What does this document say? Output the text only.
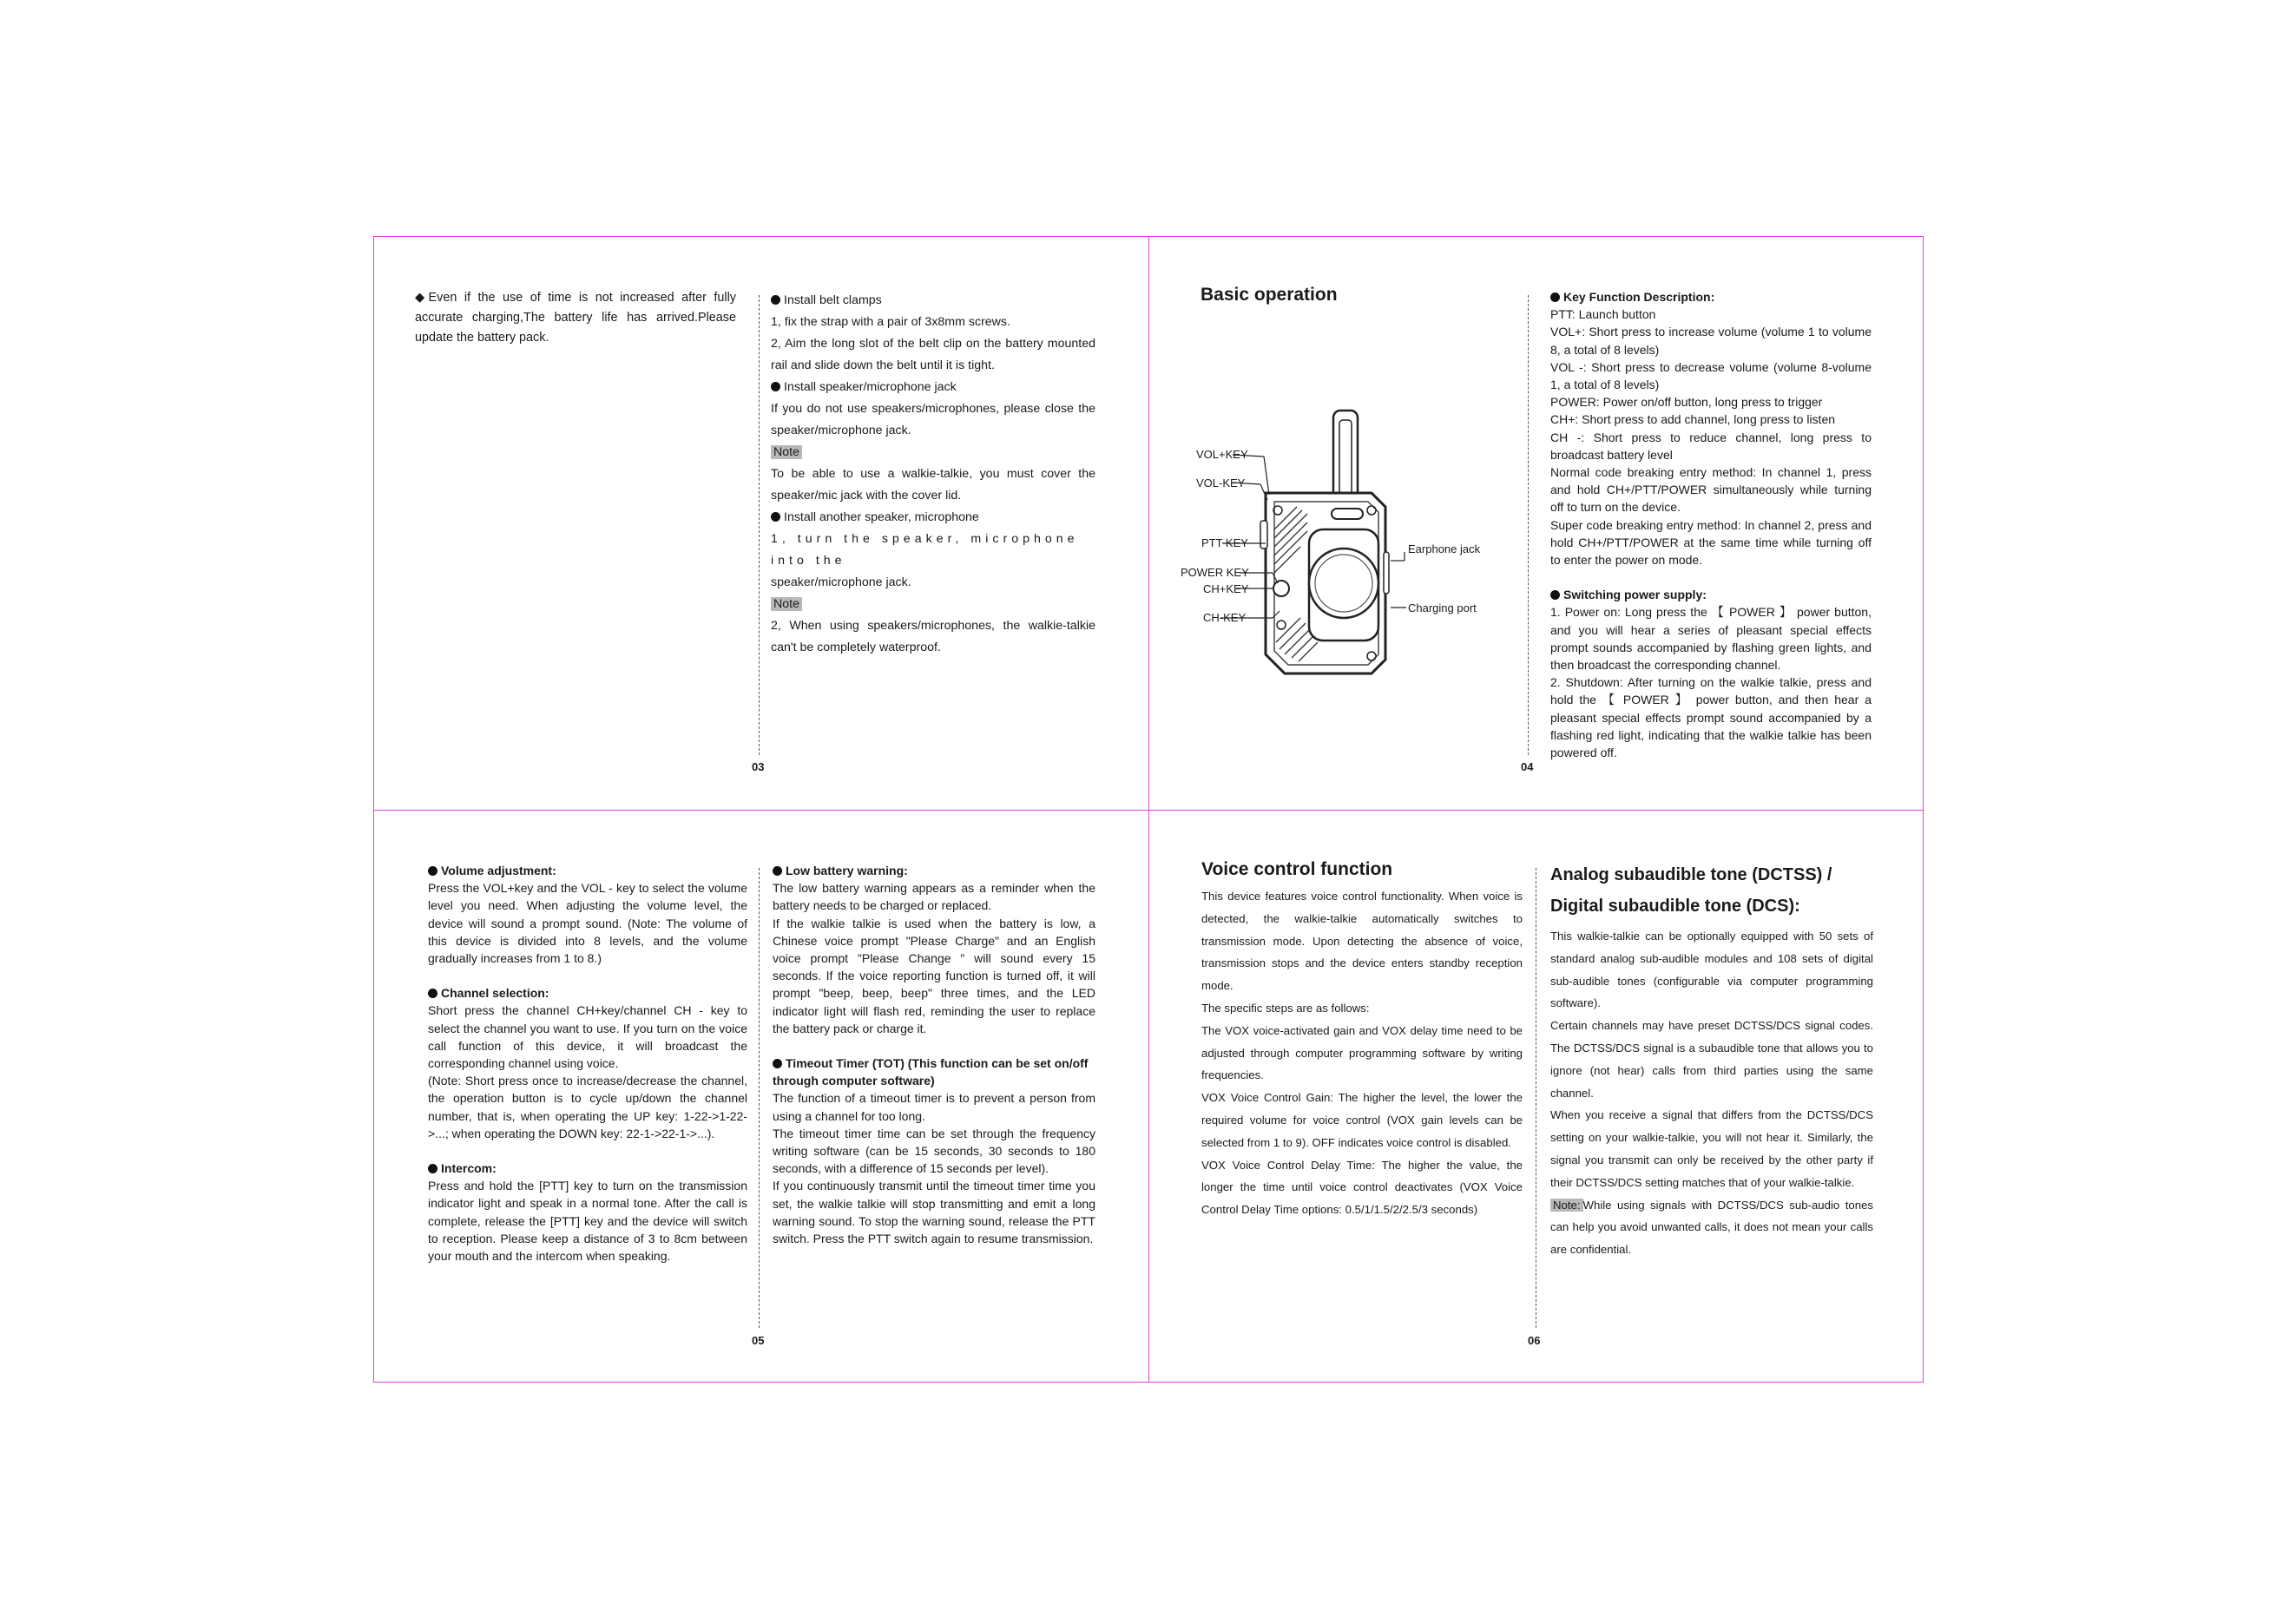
◆Even if the use of time is not increased after fully accurate charging,The battery life has arrived.Please update the battery pack.

Install belt clamps

1, fix the strap with a pair of 3x8mm screws.

2, Aim the long slot of the belt clip on the battery mounted rail and slide down the belt until it is tight.

Install speaker/microphone jack

If you do not use speakers/microphones, please close the speaker/microphone jack.

Note

To be able to use a walkie-talkie, you must cover the speaker/mic jack with the cover lid.

Install another speaker, microphone

1, turn the speaker, microphone into the

speaker/microphone jack.

Note

2, When using speakers/microphones, the walkie-talkie can't be completely waterproof.

03
Basic operation
VOL+KEY
VOL-KEY
PTT KEY
POWER KEY
CH+KEY
CH-KEY
Earphone jack
Charging port

Key Function Description:

PTT: Launch button

VOL+: Short press to increase volume (volume 1 to volume 8, a total of 8 levels)

VOL -: Short press to decrease volume (volume 8-volume 1, a total of 8 levels)

POWER: Power on/off button, long press to trigger

CH+: Short press to add channel, long press to listen

CH -: Short press to reduce channel, long press to broadcast battery level

Normal code breaking entry method: In channel 1, press and hold CH+/PTT/POWER simultaneously while turning off to turn on the device.

Super code breaking entry method: In channel 2, press and hold CH+/PTT/POWER at the same time while turning off to enter the power on mode.

Switching power supply:

1. Power on: Long press the 【 POWER 】 power button, and you will hear a series of pleasant special effects prompt sounds accompanied by flashing green lights, and then broadcast the corresponding channel.

2. Shutdown: After turning on the walkie talkie, press and hold the 【 POWER 】 power button, and then hear a pleasant special effects prompt sound accompanied by a flashing red light, indicating that the walkie talkie has been powered off.

04

Volume adjustment:

Press the VOL+key and the VOL - key to select the volume level you need. When adjusting the volume level, the device will sound a prompt sound. (Note: The volume of this device is divided into 8 levels, and the volume gradually increases from 1 to 8.)

Channel selection:

Short press the channel CH+key/channel CH - key to select the channel you want to use. If you turn on the voice call function of this device, it will broadcast the corresponding channel using voice.

(Note: Short press once to increase/decrease the channel, the operation button is to cycle up/down the channel number, that is, when operating the UP key: 1-22->1-22->...; when operating the DOWN key: 22-1->22-1->...).

Intercom:

Press and hold the [PTT] key to turn on the transmission indicator light and speak in a normal tone. After the call is complete, release the [PTT] key and the device will switch to reception. Please keep a distance of 3 to 8cm between your mouth and the intercom when speaking.

Low battery warning:

The low battery warning appears as a reminder when the battery needs to be charged or replaced.

If the walkie talkie is used when the battery is low, a Chinese voice prompt "Please Charge" and an English voice prompt "Please Change " will sound every 15 seconds. If the voice reporting function is turned off, it will prompt "beep, beep, beep" three times, and the LED indicator light will flash red, reminding the user to replace the battery pack or charge it.

Timeout Timer (TOT) (This function can be set on/off through computer software)

The function of a timeout timer is to prevent a person from using a channel for too long.

The timeout timer time can be set through the frequency writing software (can be 15 seconds, 30 seconds to 180 seconds, with a difference of 15 seconds per level).

If you continuously transmit until the timeout timer time you set, the walkie talkie will stop transmitting and emit a long warning sound. To stop the warning sound, release the PTT switch. Press the PTT switch again to resume transmission.

05
Voice control function

This device features voice control functionality. When voice is detected, the walkie-talkie automatically switches to transmission mode. Upon detecting the absence of voice, transmission stops and the device enters standby reception mode.

The specific steps are as follows:

The VOX voice-activated gain and VOX delay time need to be adjusted through computer programming software by writing frequencies.

VOX Voice Control Gain: The higher the level, the lower the required volume for voice control (VOX gain levels can be selected from 1 to 9). OFF indicates voice control is disabled.

VOX Voice Control Delay Time: The higher the value, the longer the time until voice control deactivates (VOX Voice Control Delay Time options: 0.5/1/1.5/2/2.5/3 seconds)

Analog subaudible tone (DCTSS) / Digital subaudible tone (DCS):

This walkie-talkie can be optionally equipped with 50 sets of standard analog sub-audible modules and 108 sets of digital sub-audible tones (configurable via computer programming software).

Certain channels may have preset DCTSS/DCS signal codes. The DCTSS/DCS signal is a subaudible tone that allows you to ignore (not hear) calls from third parties using the same channel.

When you receive a signal that differs from the DCTSS/DCS setting on your walkie-talkie, you will not hear it. Similarly, the signal you transmit can only be received by the other party if their DCTSS/DCS setting matches that of your walkie-talkie.

Note: While using signals with DCTSS/DCS sub-audio tones can help you avoid unwanted calls, it does not mean your calls are confidential.

06
